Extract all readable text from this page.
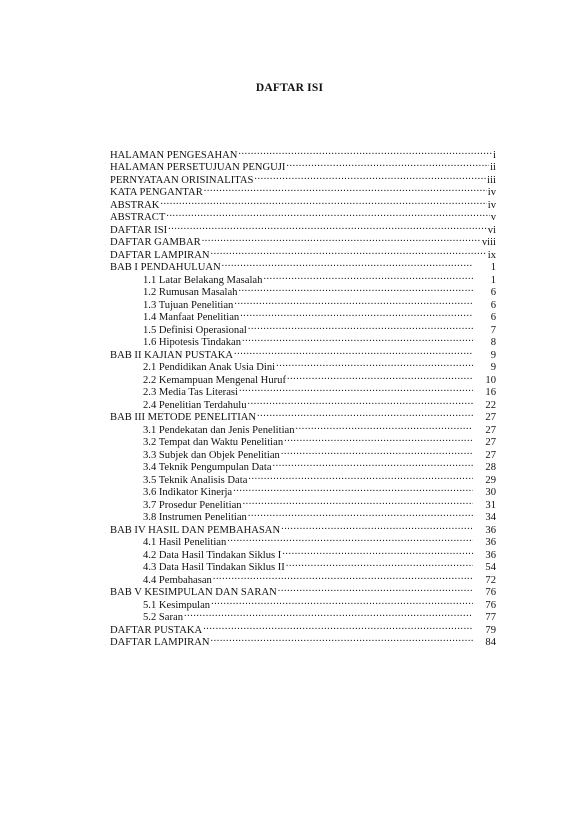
DAFTAR ISI
HALAMAN PENGESAHAN .....	i
HALAMAN PERSETUJUAN PENGUJI .....	ii
PERNYATAAN ORISINALITAS .....	iii
KATA PENGANTAR .....	iv
ABSTRAK .....	iv
ABSTRACT .....	v
DAFTAR ISI .....	vi
DAFTAR GAMBAR .....	viii
DAFTAR LAMPIRAN .....	ix
BAB I PENDAHULUAN .....	1
1.1 Latar Belakang Masalah .....	1
1.2 Rumusan Masalah .....	6
1.3 Tujuan Penelitian .....	6
1.4 Manfaat Penelitian .....	6
1.5 Definisi Operasional .....	7
1.6 Hipotesis Tindakan .....	8
BAB II KAJIAN PUSTAKA .....	9
2.1 Pendidikan Anak Usia Dini .....	9
2.2 Kemampuan Mengenal Huruf .....	10
2.3 Media Tas Literasi .....	16
2.4 Penelitian Terdahulu .....	22
BAB III METODE PENELITIAN .....	27
3.1 Pendekatan dan Jenis Penelitian .....	27
3.2 Tempat dan Waktu Penelitian .....	27
3.3 Subjek dan Objek Penelitian .....	27
3.4 Teknik Pengumpulan Data .....	28
3.5 Teknik Analisis Data .....	29
3.6 Indikator Kinerja .....	30
3.7 Prosedur Penelitian .....	31
3.8 Instrumen Penelitian .....	34
BAB IV HASIL DAN PEMBAHASAN .....	36
4.1 Hasil Penelitian .....	36
4.2 Data Hasil Tindakan Siklus I .....	36
4.3 Data Hasil Tindakan Siklus II .....	54
4.4 Pembahasan .....	72
BAB V KESIMPULAN DAN SARAN .....	76
5.1 Kesimpulan .....	76
5.2 Saran .....	77
DAFTAR PUSTAKA .....	79
DAFTAR LAMPIRAN .....	84
